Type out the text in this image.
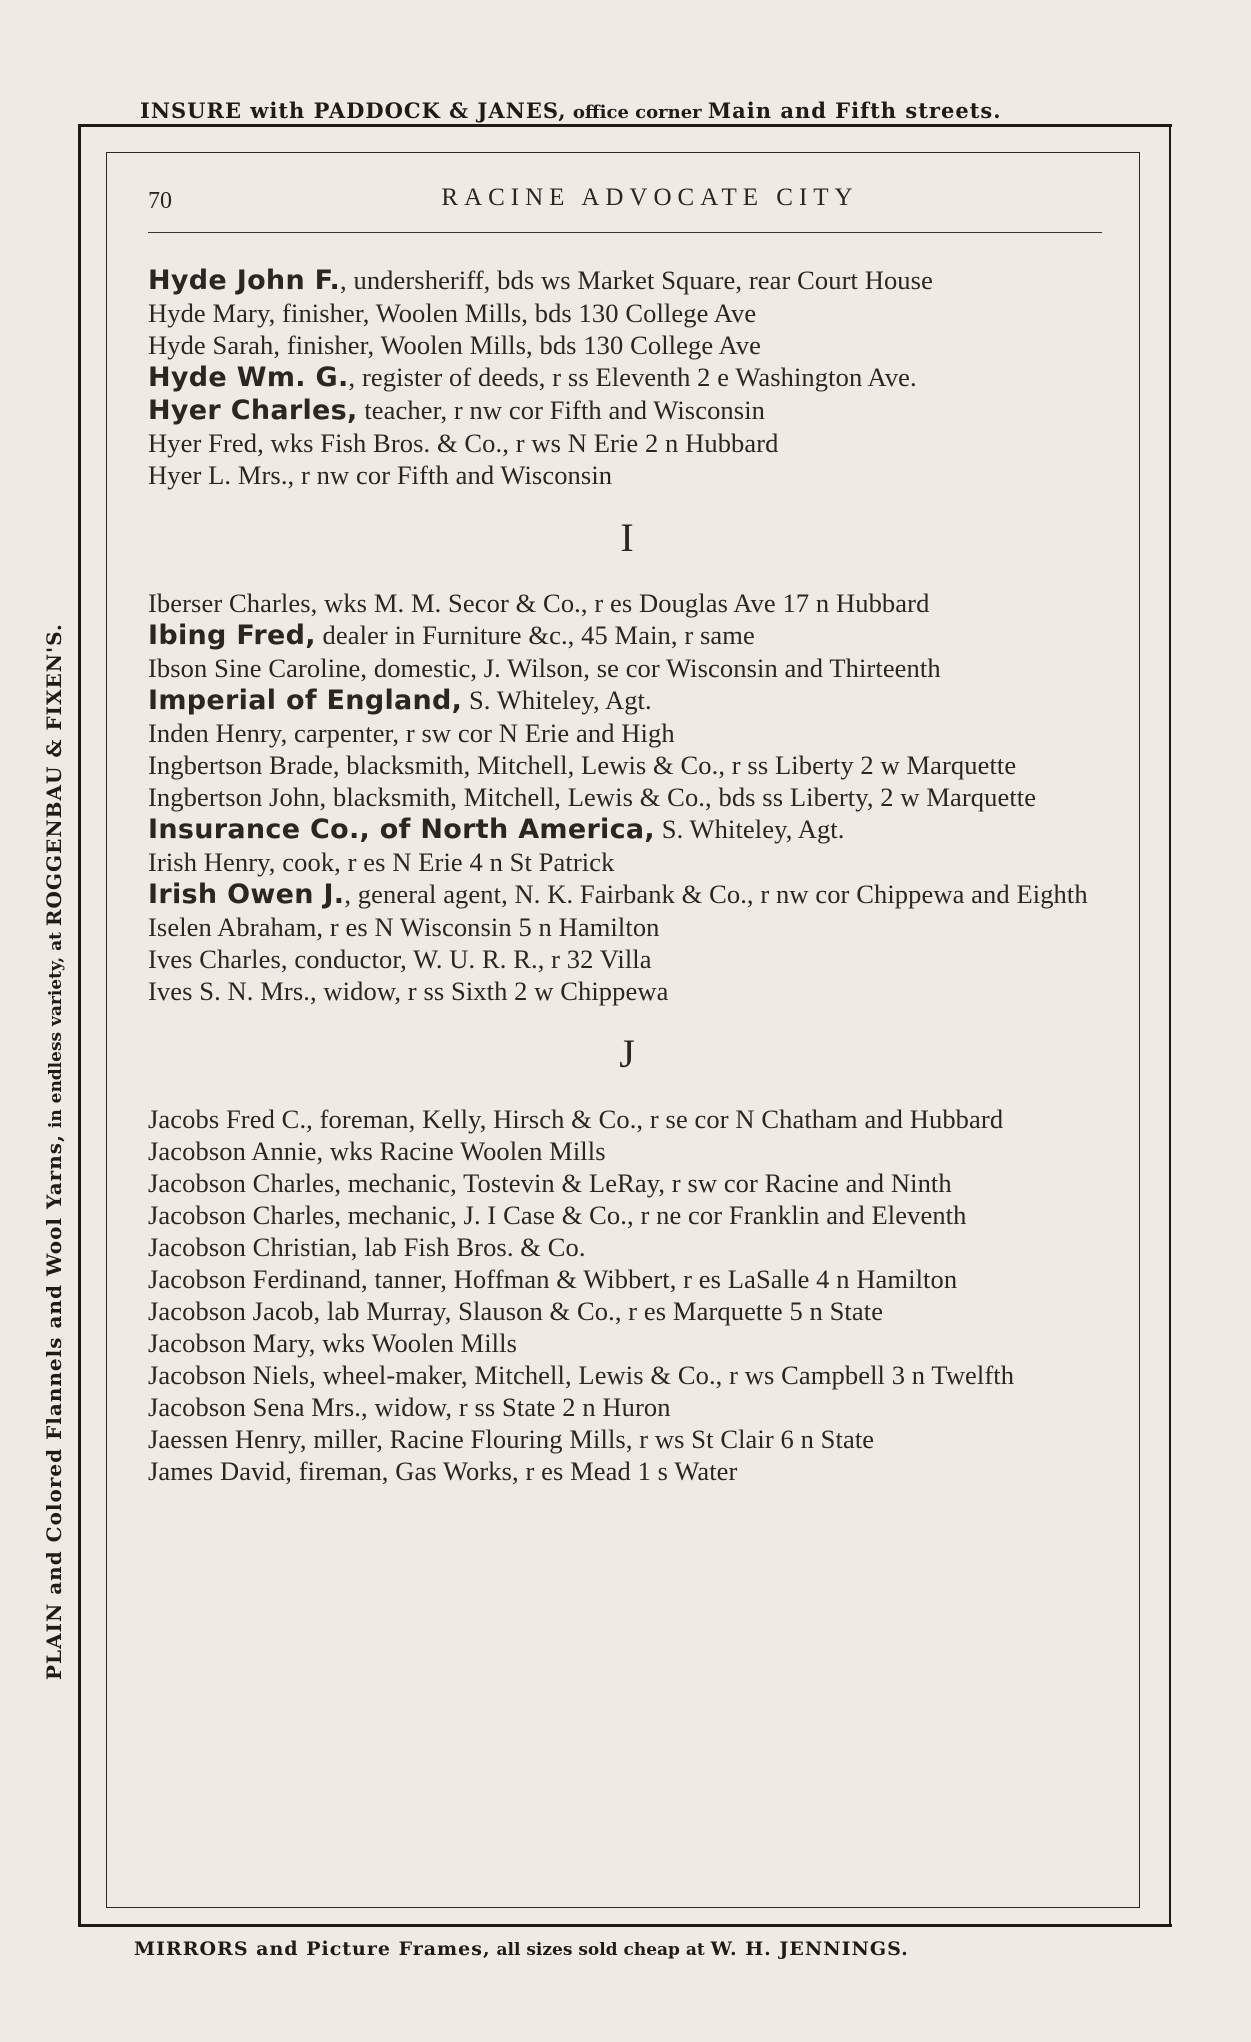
INSURE with PADDOCK & JANES, office corner Main and Fifth streets.
PLAIN and Colored Flannels and Wool Yarns, in endless variety, at ROGGENBAU & FIXEN'S.
70	RACINE ADVOCATE CITY
Hyde John F., undersheriff, bds ws Market Square, rear Court House
Hyde Mary, finisher, Woolen Mills, bds 130 College Ave
Hyde Sarah, finisher, Woolen Mills, bds 130 College Ave
Hyde Wm. G., register of deeds, r ss Eleventh 2 e Washington Ave.
Hyer Charles, teacher, r nw cor Fifth and Wisconsin
Hyer Fred, wks Fish Bros. & Co., r ws N Erie 2 n Hubbard
Hyer L. Mrs., r nw cor Fifth and Wisconsin
I
Iberser Charles, wks M. M. Secor & Co., r es Douglas Ave 17 n Hubbard
Ibing Fred, dealer in Furniture &c., 45 Main, r same
Ibson Sine Caroline, domestic, J. Wilson, se cor Wisconsin and Thirteenth
Imperial of England, S. Whiteley, Agt.
Inden Henry, carpenter, r sw cor N Erie and High
Ingbertson Brade, blacksmith, Mitchell, Lewis & Co., r ss Liberty 2 w Marquette
Ingbertson John, blacksmith, Mitchell, Lewis & Co., bds ss Liberty, 2 w Marquette
Insurance Co., of North America, S. Whiteley, Agt.
Irish Henry, cook, r es N Erie 4 n St Patrick
Irish Owen J., general agent, N. K. Fairbank & Co., r nw cor Chippewa and Eighth
Iselen Abraham, r es N Wisconsin 5 n Hamilton
Ives Charles, conductor, W. U. R. R., r 32 Villa
Ives S. N. Mrs., widow, r ss Sixth 2 w Chippewa
J
Jacobs Fred C., foreman, Kelly, Hirsch & Co., r se cor N Chatham and Hubbard
Jacobson Annie, wks Racine Woolen Mills
Jacobson Charles, mechanic, Tostevin & LeRay, r sw cor Racine and Ninth
Jacobson Charles, mechanic, J. I Case & Co., r ne cor Franklin and Eleventh
Jacobson Christian, lab Fish Bros. & Co.
Jacobson Ferdinand, tanner, Hoffman & Wibbert, r es LaSalle 4 n Hamilton
Jacobson Jacob, lab Murray, Slauson & Co., r es Marquette 5 n State
Jacobson Mary, wks Woolen Mills
Jacobson Niels, wheel-maker, Mitchell, Lewis & Co., r ws Campbell 3 n Twelfth
Jacobson Sena Mrs., widow, r ss State 2 n Huron
Jaessen Henry, miller, Racine Flouring Mills, r ws St Clair 6 n State
James David, fireman, Gas Works, r es Mead 1 s Water
MIRRORS and Picture Frames, all sizes sold cheap at W. H. JENNINGS.
